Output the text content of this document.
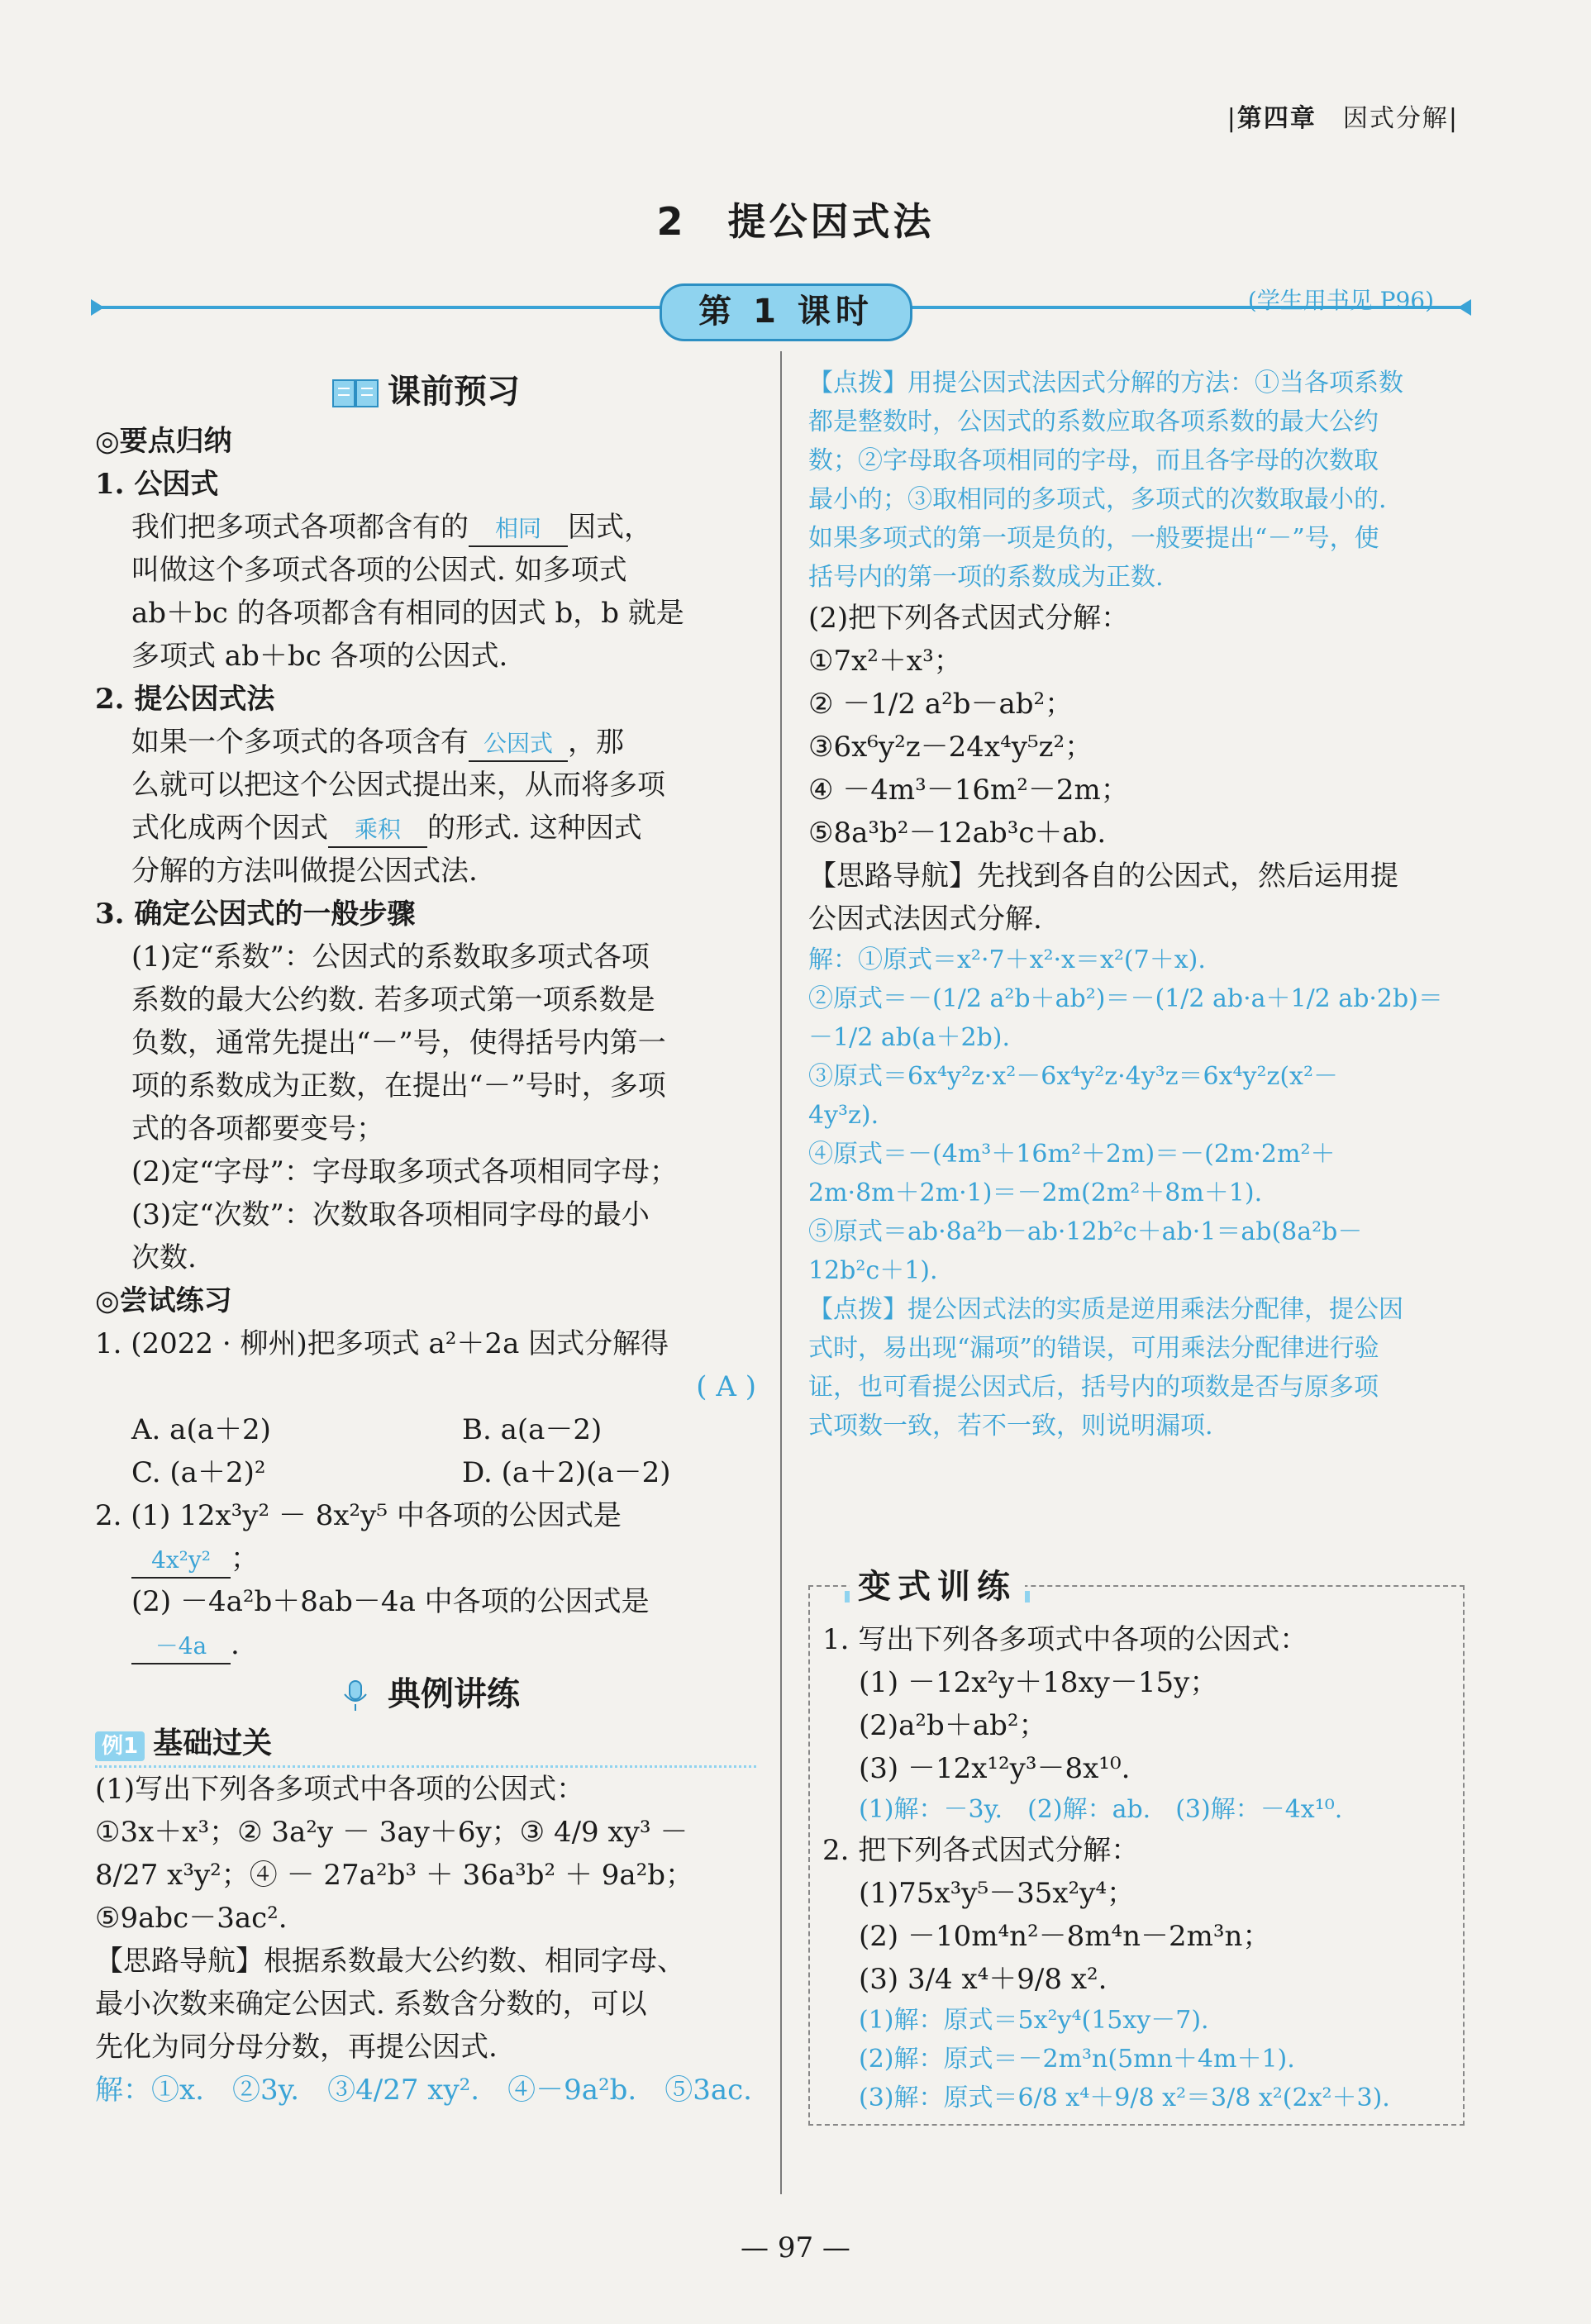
|第四章　 因式分解|
2　提公因式法
第 1 课时	(学生用书见 P96)
课前预习
◎要点归纳
1. 公因式
我们把多项式各项都含有的 相同 因式，
叫做这个多项式各项的公因式. 如多项式
ab＋bc 的各项都含有相同的因式 b，b 就是
多项式 ab＋bc 各项的公因式.
2. 提公因式法
如果一个多项式的各项含有 公因式 ，那
么就可以把这个公因式提出来，从而将多项
式化成两个因式 乘积 的形式. 这种因式
分解的方法叫做提公因式法.
3. 确定公因式的一般步骤
(1)定“系数”：公因式的系数取多项式各项
系数的最大公约数. 若多项式第一项系数是
负数，通常先提出“－”号，使得括号内第一
项的系数成为正数，在提出“－”号时，多项
式的各项都要变号；
(2)定“字母”：字母取多项式各项相同字母；
(3)定“次数”：次数取各项相同字母的最小
次数.
◎尝试练习
1. (2022 · 柳州)把多项式 a²＋2a 因式分解得
( A )
A. a(a＋2)	B. a(a－2)
C. (a＋2)²	D. (a＋2)(a－2)
2. (1) 12x³y² － 8x²y⁵ 中各项的公因式是
4x²y² ；
(2) －4a²b＋8ab－4a 中各项的公因式是
－4a .
典例讲练
例1 基础过关
(1)写出下列各多项式中各项的公因式：
①3x＋x³；② 3a²y － 3ay＋6y；③ 4/9 xy³ －
8/27 x³y²；④ － 27a²b³ ＋ 36a³b² ＋ 9a²b；
⑤9abc－3ac².
【思路导航】根据系数最大公约数、相同字母、
最小次数来确定公因式. 系数含分数的，可以
先化为同分母分数，再提公因式.
解：①x.　②3y.　③4/27 xy².　④－9a²b.　⑤3ac.
【点拨】用提公因式法因式分解的方法：①当各项系数
都是整数时，公因式的系数应取各项系数的最大公约
数；②字母取各项相同的字母，而且各字母的次数取
最小的；③取相同的多项式，多项式的次数取最小的.
如果多项式的第一项是负的，一般要提出“－”号，使
括号内的第一项的系数成为正数.
(2)把下列各式因式分解：
①7x²＋x³；
② －1/2 a²b－ab²；
③6x⁶y²z－24x⁴y⁵z²；
④ －4m³－16m²－2m；
⑤8a³b²－12ab³c＋ab.
【思路导航】先找到各自的公因式，然后运用提
公因式法因式分解.
解：①原式＝x²·7＋x²·x＝x²(7＋x).
②原式＝－(1/2 a²b＋ab²)＝－(1/2 ab·a＋1/2 ab·2b)＝
－1/2 ab(a＋2b).
③原式＝6x⁴y²z·x²－6x⁴y²z·4y³z＝6x⁴y²z(x²－
4y³z).
④原式＝－(4m³＋16m²＋2m)＝－(2m·2m²＋
2m·8m＋2m·1)＝－2m(2m²＋8m＋1).
⑤原式＝ab·8a²b－ab·12b²c＋ab·1＝ab(8a²b－
12b²c＋1).
【点拨】提公因式法的实质是逆用乘法分配律，提公因
式时，易出现“漏项”的错误，可用乘法分配律进行验
证，也可看提公因式后，括号内的项数是否与原多项
式项数一致，若不一致，则说明漏项.
变式训练
1. 写出下列各多项式中各项的公因式：
(1) －12x²y＋18xy－15y；
(2)a²b＋ab²；
(3) －12x¹²y³－8x¹⁰.
(1)解：－3y.　(2)解：ab.　(3)解：－4x¹⁰.
2. 把下列各式因式分解：
(1)75x³y⁵－35x²y⁴；
(2) －10m⁴n²－8m⁴n－2m³n；
(3) 3/4 x⁴＋9/8 x².
(1)解：原式＝5x²y⁴(15xy－7).
(2)解：原式＝－2m³n(5mn＋4m＋1).
(3)解：原式＝6/8 x⁴＋9/8 x²＝3/8 x²(2x²＋3).
— 97 —
